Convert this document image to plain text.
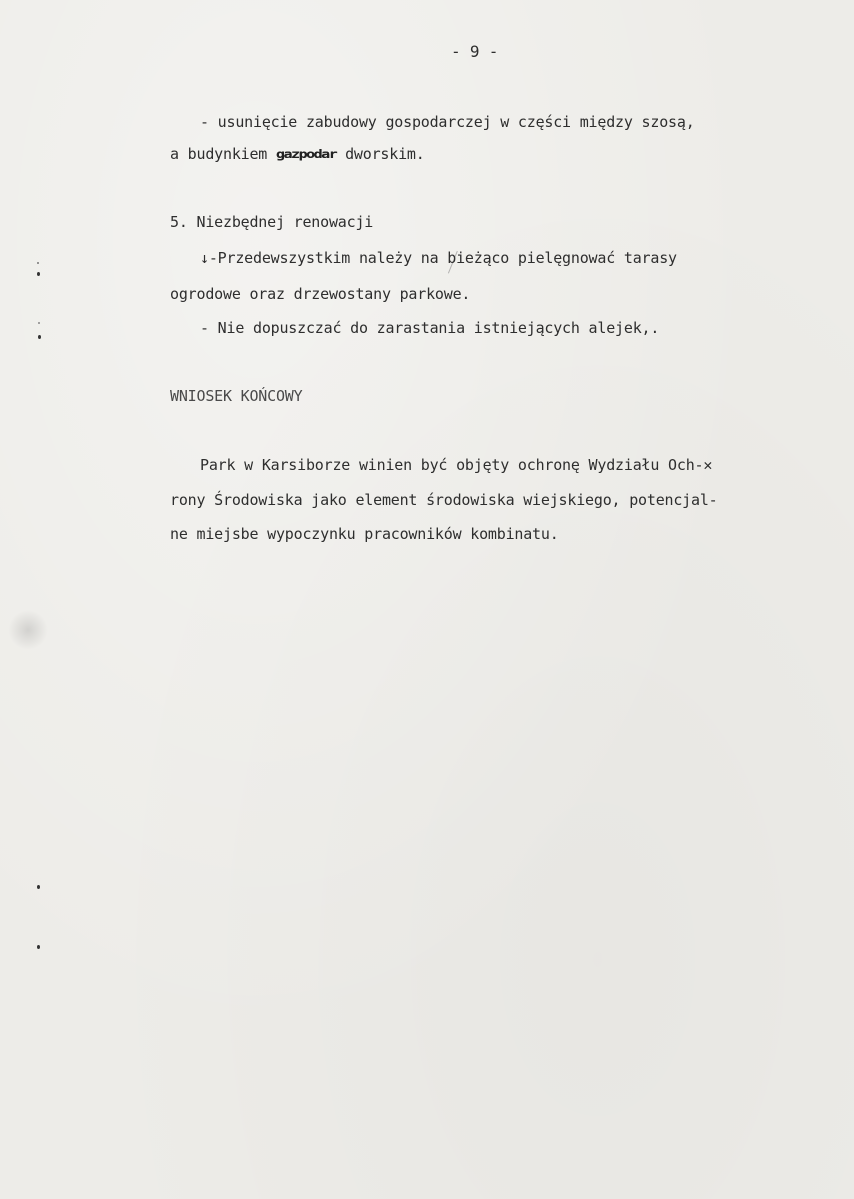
- 9 -
- usunięcie zabudowy gospodarczej w części między szosą,
a budynkiem gazpodar dworskim.
5. Niezbędnej renowacji
↓-Przedewszystkim należy na bieżąco pielęgnować tarasy
ogrodowe oraz drzewostany parkowe.
- Nie dopuszczać do zarastania istniejących alejek,.
WNIOSEK KOŃCOWY
Park w Karsiborze winien być objęty ochronę Wydziału Och-✕
rony Środowiska jako element środowiska wiejskiego, potencjal-
ne miejsbe wypoczynku pracowników kombinatu.
